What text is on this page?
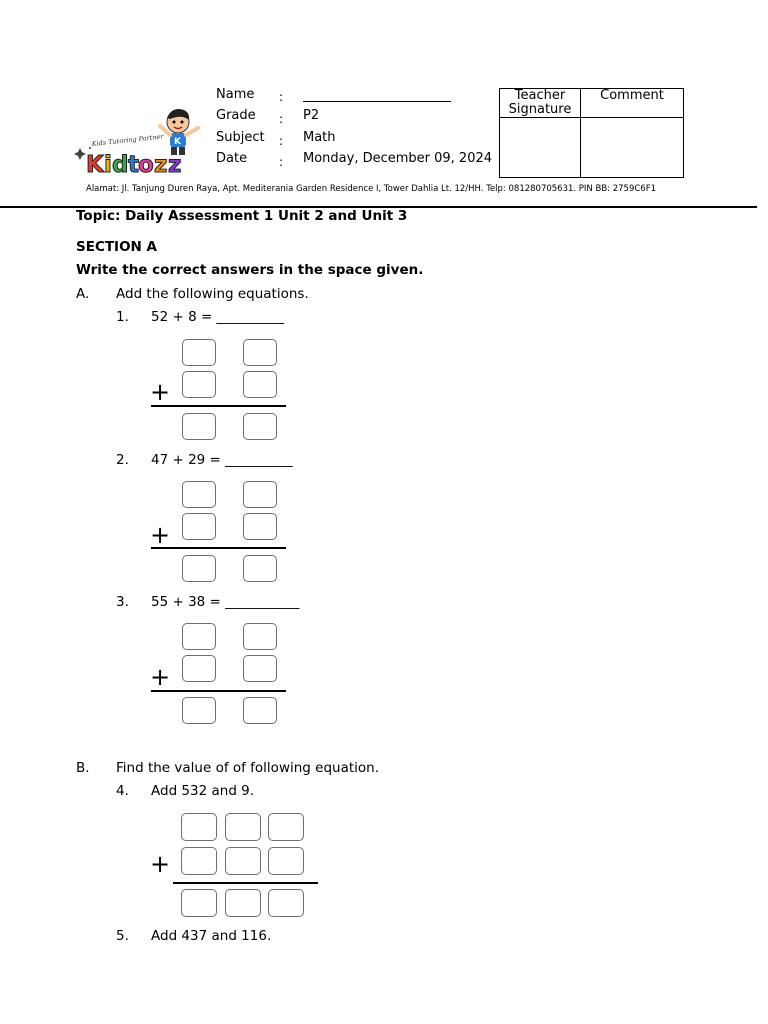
K
Kids Tutoring Partner
K i d t o z z
Name :
Grade : P2
Subject : Math
Date	: Monday, December 09, 2024
Teacher Signature	Comment

Alamat: Jl. Tanjung Duren Raya, Apt. Mediterania Garden Residence I, Tower Dahlia Lt. 12/HH. Telp: 081280705631. PIN BB: 2759C6F1
Topic: Daily Assessment 1 Unit 2 and Unit 3
SECTION A
Write the correct answers in the space given.
A. Add the following equations.
1. 52 + 8 = __________
+
2. 47 + 29 = __________
+
3. 55 + 38 = ___________
+
B. Find the value of of following equation.
4. Add 532 and 9.
+
5. Add 437 and 116.
